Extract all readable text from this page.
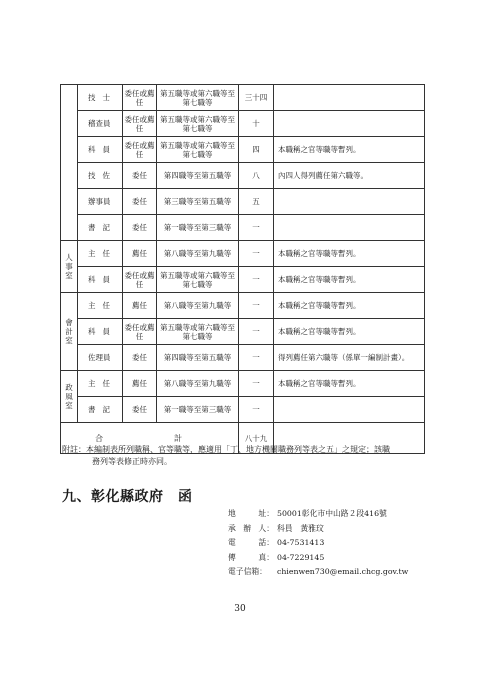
	技 士	委任或薦任	第五職等或第六職等至第七職等	三十四	

	稽 查 員	委任或薦任	第五職等或第六職等至第七職等	十	

	科 員	委任或薦任	第五職等或第六職等至第七職等	四	本職稱之官等職等暫列。

	技 佐	委任	第四職等至第五職等	八	內四人得列薦任第六職等。

	辦 事 員	委任	第三職等至第五職等	五	

	書 記	委任	第一職等至第三職等	一	

人事室	主 任	薦任	第八職等至第九職等	一	本職稱之官等職等暫列。

	科 員	委任或薦任	第五職等或第六職等至第七職等	一	本職稱之官等職等暫列。

會計室	主 任	薦任	第八職等至第九職等	一	本職稱之官等職等暫列。

	科 員	委任或薦任	第五職等或第六職等至第七職等	一	本職稱之官等職等暫列。

	佐 理 員	委任	第四職等至第五職等	一	得列薦任第六職等（係單一編制計畫）。

政風室	主 任	薦任	第八職等至第九職等	一	本職稱之官等職等暫列。

	書 記	委任	第一職等至第三職等	一	

合 計				八十九	
附註：本編制表所列職稱、官等職等，應適用「丁、地方機關職務列等表之五」之規定；該職
務列等表修正時亦同。
九、彰化縣政府　函
地	址： 50001彰化市中山路２段416號
承 辦 人： 科員　黃雅玟
電	話： 04-7531413
傳	真： 04-7229145
電子信箱：	chienwen730@email.chcg.gov.tw
30
